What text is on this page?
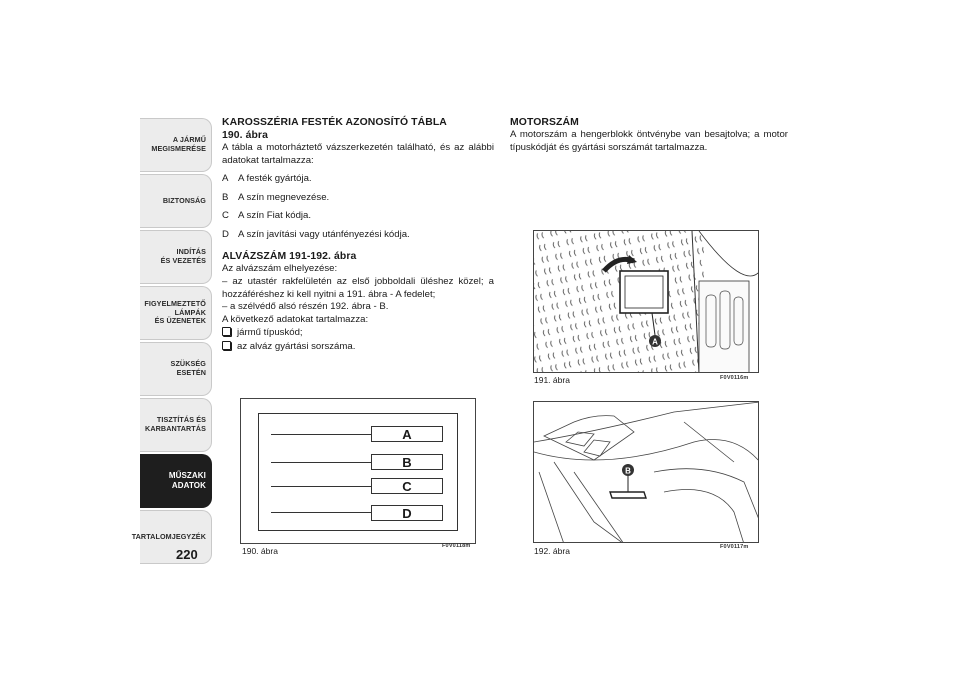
A JÁRMŰ
MEGISMERÉSE
BIZTONSÁG
INDÍTÁS
ÉS VEZETÉS
FIGYELMEZTETŐ
LÁMPÁK
ÉS ÜZENETEK
SZÜKSÉG
ESETÉN
TISZTÍTÁS ÉS
KARBANTARTÁS
MŰSZAKI
ADATOK
TARTALOMJEGYZÉK
220
KAROSSZÉRIA FESTÉK AZONOSÍTÓ TÁBLA
190. ábra

A tábla a motorháztető vázszerkezetén található, és az alábbi adatokat tartalmazza:

A A festék gyártója.
B A szín megnevezése.
C A szín Fiat kódja.
D A szín javítási vagy utánfényezési kódja.
ALVÁZSZÁM 191-192. ábra

Az alvázszám elhelyezése:

– az utastér rakfelületén az első jobboldali üléshez közel; a hozzáféréshez ki kell nyitni a 191. ábra - A fedelet;

– a szélvédő alsó részén 192. ábra - B.

A következő adatokat tartalmazza:

jármű típuskód;
az alváz gyártási sorszáma.
MOTORSZÁM

A motorszám a hengerblokk öntvénybe van besajtolva; a motor típuskódját és gyártási sorszámát tartalmazza.

A
B
C
D
190. ábra	F0V0118m
A
191. ábra	F0V0116m
B
192. ábra	F0V0117m
